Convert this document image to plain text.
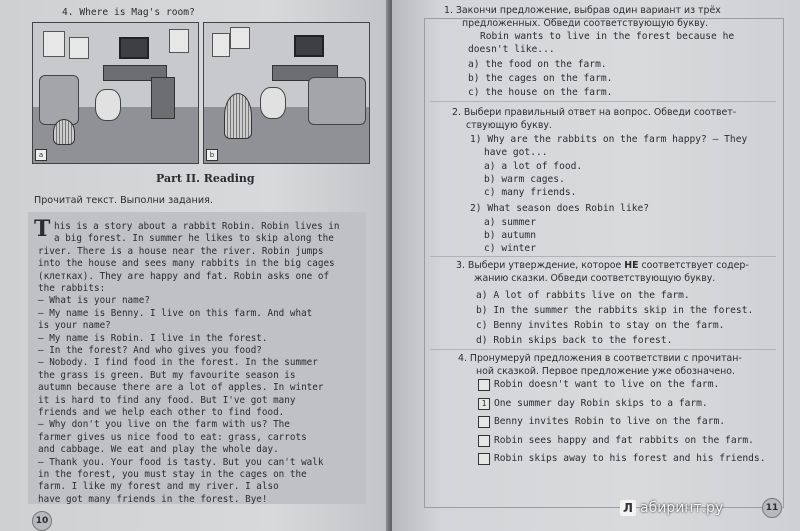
4. Where is Mag's room?
a	b
Part II. Reading
Прочитай текст. Выполни задания.
T his is a story about a rabbit Robin. Robin lives in
a big forest. In summer he likes to skip along the
river. There is a house near the river. Robin jumps
into the house and sees many rabbits in the big cages
(клетках). They are happy and fat. Robin asks one of
the rabbits:
– What is your name?
– My name is Benny. I live on this farm. And what
is your name?
– My name is Robin. I live in the forest.
– In the forest? And who gives you food?
– Nobody. I find food in the forest. In the summer
the grass is green. But my favourite season is
autumn because there are a lot of apples. In winter
it is hard to find any food. But I've got many
friends and we help each other to find food.
– Why don't you live on the farm with us? The
farmer gives us nice food to eat: grass, carrots
and cabbage. We eat and play the whole day.
– Thank you. Your food is tasty. But you can't walk
in the forest, you must stay in the cages on the
farm. I like my forest and my river. I also
have got many friends in the forest. Bye!
10
1. Закончи предложение, выбрав один вариант из трёх
предложенных. Обведи соответствующую букву.
Robin wants to live in the forest because he
doesn't like...
a) the food on the farm.
b) the cages on the farm.
c) the house on the farm.
2. Выбери правильный ответ на вопрос. Обведи соответ-
ствующую букву.
1) Why are the rabbits on the farm happy? — They
have got...
a) a lot of food.
b) warm cages.
c) many friends.
2) What season does Robin like?
a) summer
b) autumn
c) winter
3. Выбери утверждение, которое НЕ соответствует содер-
жанию сказки. Обведи соответствующую букву.
a) A lot of rabbits live on the farm.
b) In the summer the rabbits skip in the forest.
c) Benny invites Robin to stay on the farm.
d) Robin skips back to the forest.
4. Пронумеруй предложения в соответствии с прочитан-
ной сказкой. Первое предложение уже обозначено.
Robin doesn't want to live on the farm.
1 One summer day Robin skips to a farm.
Benny invites Robin to live on the farm.
Robin sees happy and fat rabbits on the farm.
Robin skips away to his forest and his friends.
11
Л абиринт.ру
